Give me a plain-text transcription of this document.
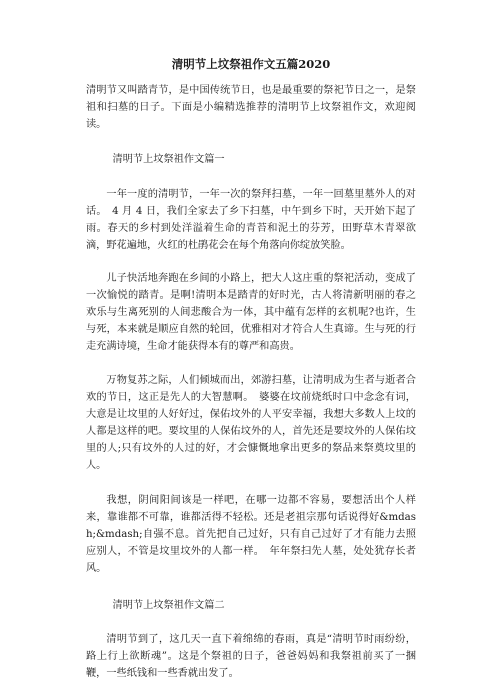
清明节上坟祭祖作文五篇2020

清明节又叫踏青节，是中国传统节日，也是最重要的祭祀节日之一，是祭祖和扫墓的日子。下面是小编精选推荐的清明节上坟祭祖作文，欢迎阅读。

清明节上坟祭祖作文篇一

一年一度的清明节，一年一次的祭拜扫墓，一年一回墓里墓外人的对话。　4 月 4 日，我们全家去了乡下扫墓，中午到乡下时，天开始下起了雨。春天的乡村到处洋溢着生命的青苔和泥土的芬芳，田野草木青翠欲滴，野花遍地，火红的杜鹃花会在每个角落向你绽放笑脸。

儿子快活地奔跑在乡间的小路上，把大人这庄重的祭祀活动，变成了一次愉悦的踏青。是啊!清明本是踏青的好时光，古人将清新明丽的春之欢乐与生离死别的人间悲酸合为一体，其中蕴有怎样的玄机呢?也许，生与死，本来就是顺应自然的轮回，优雅相对才符合人生真谛。生与死的行走充满诗境，生命才能获得本有的尊严和高贵。

万物复苏之际，人们倾城而出，郊游扫墓，让清明成为生者与逝者合欢的节日，这正是先人的大智慧啊。　婆婆在坟前烧纸时口中念念有词，大意是让坟里的人好好过，保佑坟外的人平安幸福，我想大多数人上坟的人都是这样的吧。要坟里的人保佑坟外的人，首先还是要坟外的人保佑坟里的人;只有坟外的人过的好，才会慷慨地拿出更多的祭品来祭奠坟里的人。

我想，阴间阳间该是一样吧，在哪一边都不容易，要想活出个人样来，靠谁都不可靠，谁都活得不轻松。还是老祖宗那句话说得好&mdash;&mdash;自强不息。首先把自己过好，只有自己过好了才有能力去照应别人，不管是坟里坟外的人都一样。　年年祭扫先人墓，处处犹存长者风。

清明节上坟祭祖作文篇二

清明节到了，这几天一直下着绵绵的春雨，真是“清明节时雨纷纷，路上行上欲断魂”。这是个祭祖的日子，爸爸妈妈和我祭祖前买了一捆鞭，一些纸钱和一些香就出发了。
